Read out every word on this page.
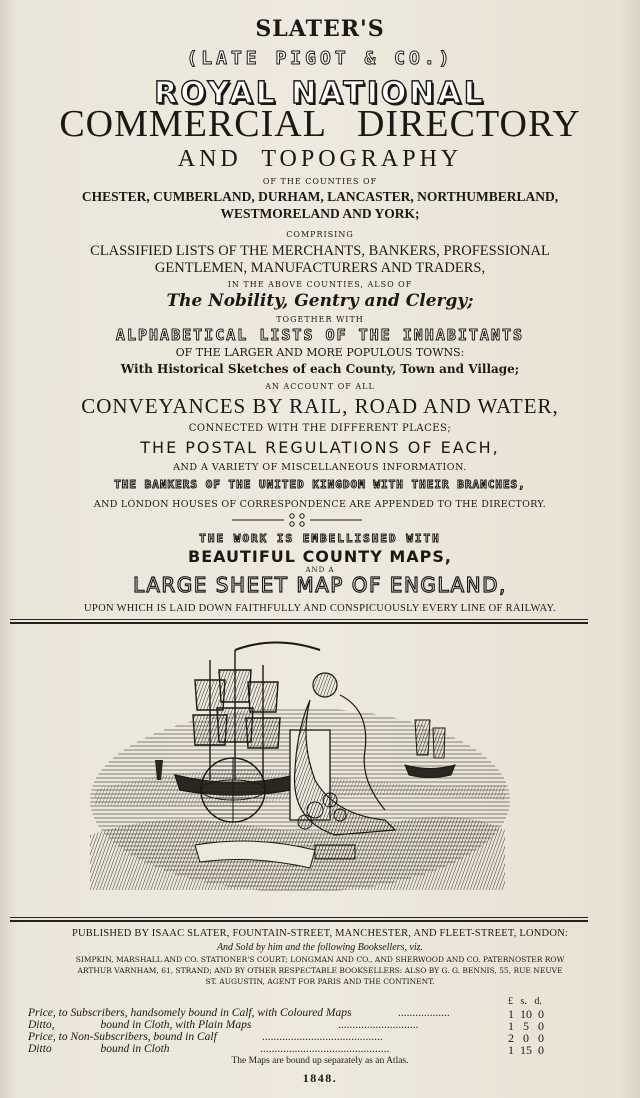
SLATER'S
(LATE PIGOT & CO.)
ROYAL NATIONAL
COMMERCIAL   DIRECTORY
AND  TOPOGRAPHY
OF THE COUNTIES OF
CHESTER, CUMBERLAND, DURHAM, LANCASTER, NORTHUMBERLAND,
WESTMORELAND AND YORK;
COMPRISING
CLASSIFIED LISTS OF THE MERCHANTS, BANKERS, PROFESSIONAL
GENTLEMEN, MANUFACTURERS AND TRADERS,
IN THE ABOVE COUNTIES, ALSO OF
The Nobility, Gentry and Clergy;
TOGETHER WITH
ALPHABETICAL LISTS OF THE INHABITANTS
OF THE LARGER AND MORE POPULOUS TOWNS:
With Historical Sketches of each County, Town and Village;
AN ACCOUNT OF ALL
CONVEYANCES BY RAIL, ROAD AND WATER,
CONNECTED WITH THE DIFFERENT PLACES;
THE POSTAL REGULATIONS OF EACH,
AND A VARIETY OF MISCELLANEOUS INFORMATION.
THE BANKERS OF THE UNITED KINGDOM WITH THEIR BRANCHES,
AND LONDON HOUSES OF CORRESPONDENCE ARE APPENDED TO THE DIRECTORY.
THE WORK IS EMBELLISHED WITH
BEAUTIFUL COUNTY MAPS,
AND A
LARGE SHEET MAP OF ENGLAND,
UPON WHICH IS LAID DOWN FAITHFULLY AND CONSPICUOUSLY EVERY LINE OF RAILWAY.
PUBLISHED BY ISAAC SLATER, FOUNTAIN-STREET, MANCHESTER, AND FLEET-STREET, LONDON:
And Sold by him and the following Booksellers, viz.
SIMPKIN, MARSHALL AND CO. STATIONER'S COURT; LONGMAN AND CO., AND SHERWOOD AND CO. PATERNOSTER ROW
ARTHUR VARNHAM, 61, STRAND; AND BY OTHER RESPECTABLE BOOKSELLERS: ALSO BY G. G. BENNIS, 55, RUE NEUVE
ST. AUGUSTIN, AGENT FOR PARIS AND THE CONTINENT.
£   s.   d.
Price, to Subscribers, handsomely bound in Calf, with Coloured Maps	..................	1  10  0
Ditto,                bound in Cloth, with Plain Maps	............................	1   5   0
Price, to Non-Subscribers, bound in Calf	..........................................	2   0   0
Ditto                 bound in Cloth	.............................................	1  15  0
The Maps are bound up separately as an Atlas.
1848.
